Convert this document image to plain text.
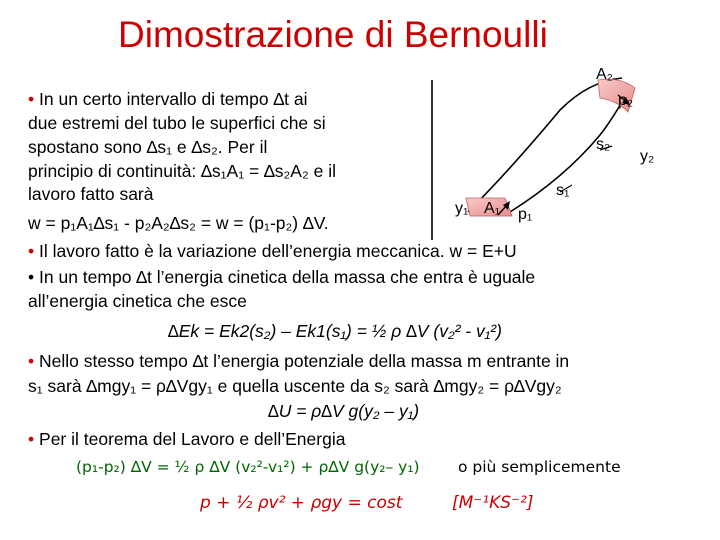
Dimostrazione di Bernoulli
A₂
p₂
s₂
y₂
s₁
y₁ A₁ p₁
• In un certo intervallo di tempo ∆t ai
due estremi del tubo le superfici che si
spostano sono ∆s₁ e ∆s₂. Per il
principio di continuità: ∆s₁A₁ = ∆s₂A₂ e il
lavoro fatto sarà
w = p₁A₁∆s₁ - p₂A₂∆s₂ = w = (p₁-p₂) ∆V.
• Il lavoro fatto è la variazione dell’energia meccanica. w = E+U
• In un tempo ∆t l’energia cinetica della massa che entra è uguale
all’energia cinetica che esce
∆Ek = Ek2(s₂) – Ek1(s₁) = ½ ρ ∆V (v₂² - v₁²)
• Nello stesso tempo ∆t l’energia potenziale della massa m entrante in
s₁ sarà ∆mgy₁ = ρ∆Vgy₁ e quella uscente da s₂ sarà ∆mgy₂ = ρ∆Vgy₂
∆U = ρ∆V g(y₂ – y₁)
• Per il teorema del Lavoro e dell’Energia
(p₁-p₂) ∆V = ½ ρ ∆V (v₂²-v₁²) + ρ∆V g(y₂– y₁) o più semplicemente
p + ½ ρv² + ρgy = cost	[M⁻¹KS⁻²]
